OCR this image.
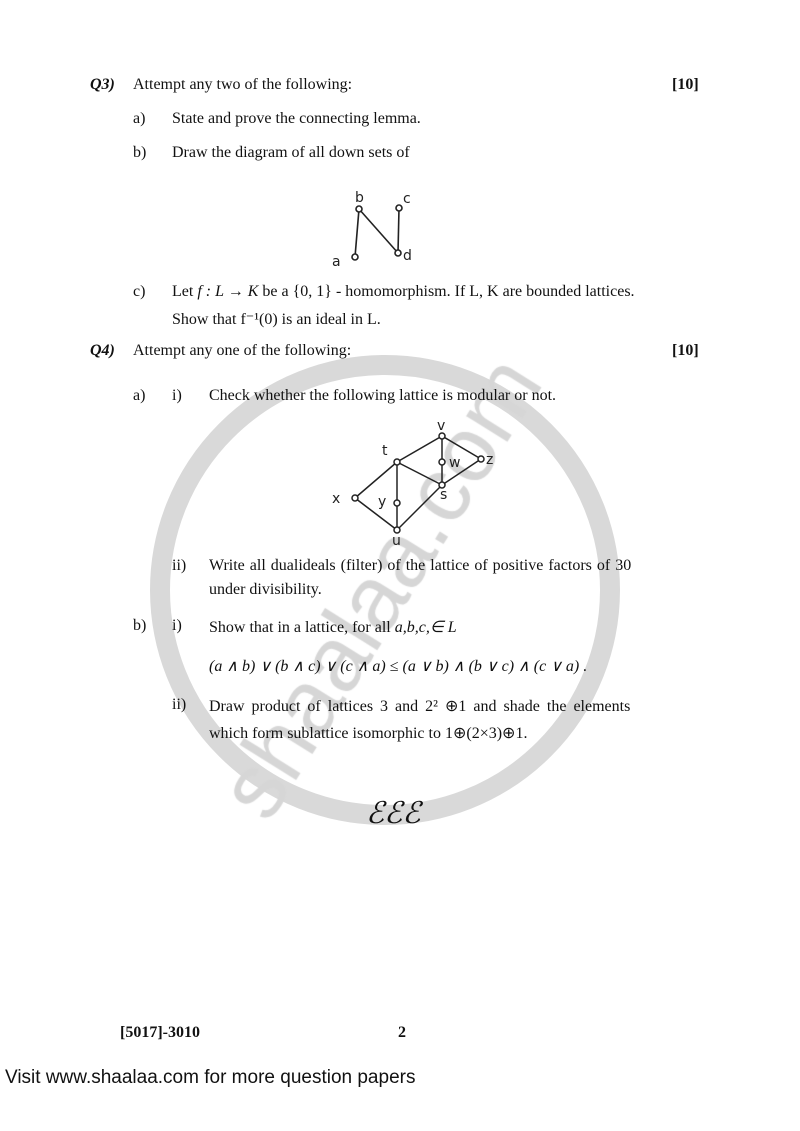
Q3) Attempt any two of the following:	[10]
a) State and prove the connecting lemma.
b) Draw the diagram of all down sets of
a
b	c
d
v
t
w z
x	y	s
u
c) Let f : L → K be a {0, 1} - homomorphism. If L, K are bounded lattices.
Show that f⁻¹(0) is an ideal in L.
Q4) Attempt any one of the following:	[10]
a) i) Check whether the following lattice is modular or not.
ii) Write all dualideals (filter) of the lattice of positive factors of 30
under divisibility.
b) i) Show that in a lattice, for all a,b,c,∈ L
(a ∧ b) ∨ (b ∧ c) ∨ (c ∧ a) ≤ (a ∨ b) ∧ (b ∨ c) ∧ (c ∨ a) .
ii) Draw product of lattices 3 and 2² ⊕1 and shade the elements
which form sublattice isomorphic to 1⊕(2×3)⊕1.
ℰℰℰ
[5017]-3010	2
Visit www.shaalaa.com for more question papers
